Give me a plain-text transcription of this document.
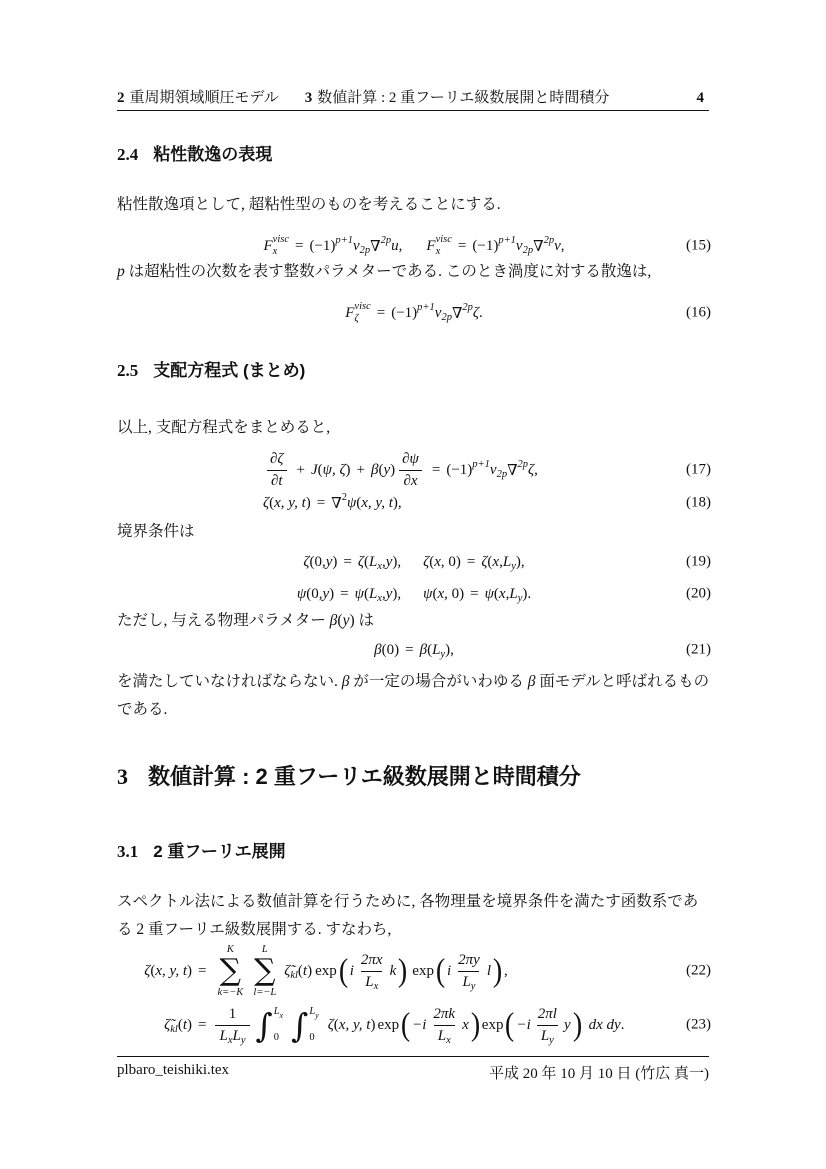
2 重周期領域順圧モデル 3 数値計算 : 2 重フーリエ級数展開と時間積分	4
2.4 粘性散逸の表現
粘性散逸項として, 超粘性型のものを考えることにする.
F visc
x = (−1) p+1 ν 2p ∇ 2p u , F visc
x = (−1) p+1 ν 2p ∇ 2p v ,	(15)
p は超粘性の次数を表す整数パラメターである. このとき渦度に対する散逸は,
F visc
ζ = (−1) p+1 ν 2p ∇ 2p ζ .	(16)
2.5 支配方程式 (まとめ)
以上, 支配方程式をまとめると,
$\frac{\partial\zeta}{\partial t} + J$ ( ψ, ζ ) + β ( y ) $\frac{\partial\psi}{\partial x} = (-1)$ p+1 ν 2p ∇ 2p ζ ,	(17)
ζ ( x, y, t ) = ∇ 2 ψ ( x, y, t ),	(18)
境界条件は
ζ (0, y ) = ζ ( L x , y ), ζ ( x , 0) = ζ ( x , L y ),	(19)
ψ (0, y ) = ψ ( L x , y ), ψ ( x , 0) = ψ ( x , L y ).	(20)
ただし, 与える物理パラメター β(y) は
β (0) = β ( L y ),	(21)
を満たしていなければならない. β が一定の場合がいわゆる β 面モデルと呼ばれるものである.
3 数値計算 : 2 重フーリエ級数展開と時間積分
3.1 2 重フーリエ展開
スペクトル法による数値計算を行うために, 各物理量を境界条件を満たす函数系である 2 重フーリエ級数展開する. すなわち,
ζ ( x, y, t ) =
K
∑
k=−K
L
∑
l=−L
ζ̃ kl ( t ) exp ( i $\frac{2\pi x}{\text{L x}}$ k ) exp ( i $\frac{2\pi y}{\text{L y}}$ l ) ,	(22)
ζ̃ kl ( t ) = $\frac{1}{\text{L x L y}}$ ∫ L x
0 ∫ L y
0
ζ ( x, y, t ) exp ( $-i \frac{2\pi k}{\text{L x}}$ x ) exp ( $-i \frac{2\pi l}{\text{L y}}$ y ) dx dy .	(23)
plbaro_teishiki.tex	平成 20 年 10 月 10 日 (竹広 真一)
